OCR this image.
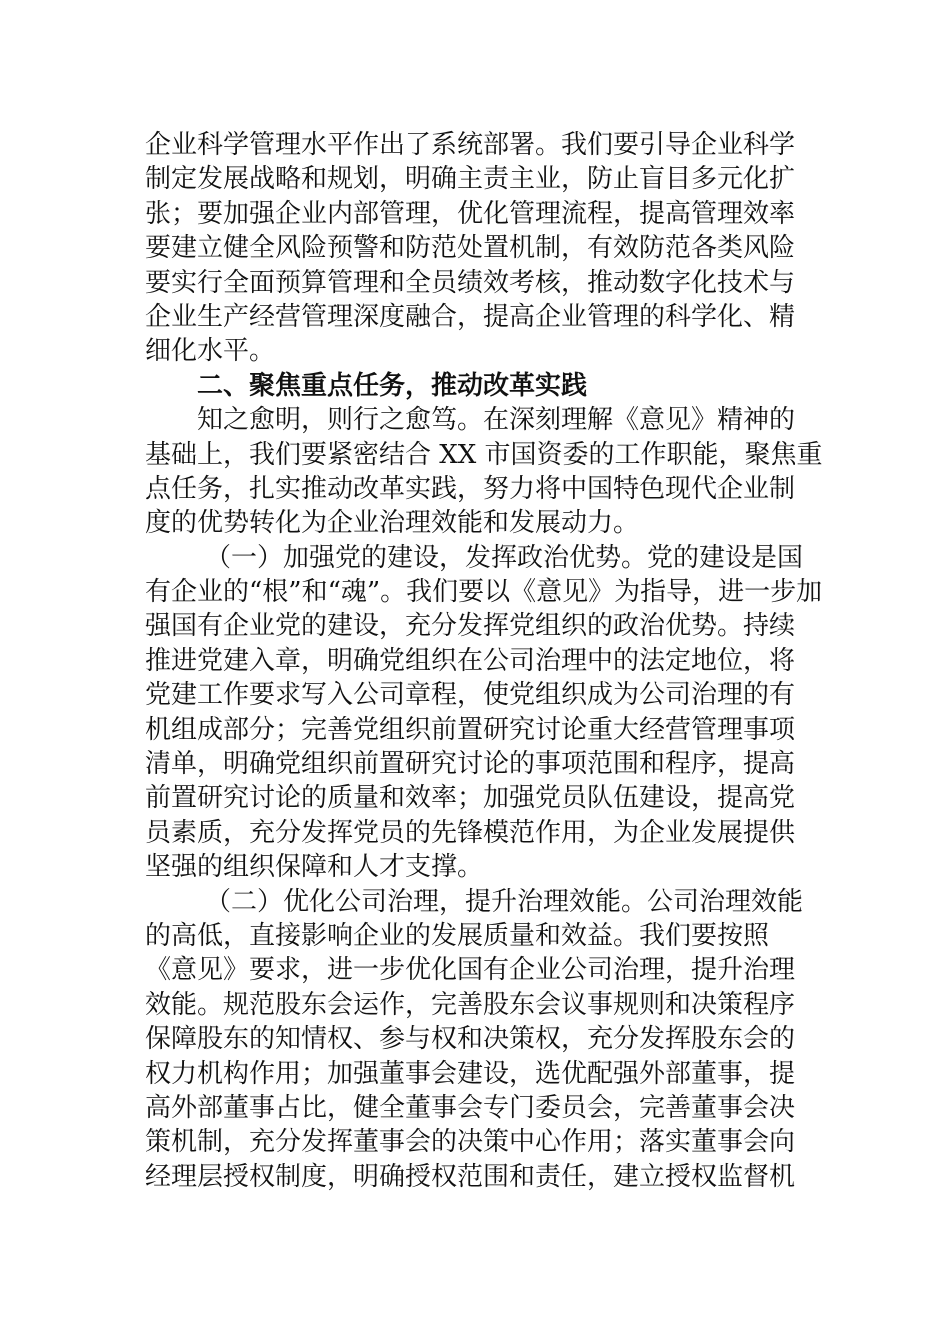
企业科学管理水平作出了系统部署。我们要引导企业科学
制定发展战略和规划，明确主责主业，防止盲目多元化扩
张；要加强企业内部管理，优化管理流程，提高管理效率
要建立健全风险预警和防范处置机制，有效防范各类风险
要实行全面预算管理和全员绩效考核，推动数字化技术与
企业生产经营管理深度融合，提高企业管理的科学化、精
细化水平。
二、聚焦重点任务，推动改革实践
知之愈明，则行之愈笃。在深刻理解《意见》精神的
基础上，我们要紧密结合 XX 市国资委的工作职能，聚焦重
点任务，扎实推动改革实践，努力将中国特色现代企业制
度的优势转化为企业治理效能和发展动力。
（一）加强党的建设，发挥政治优势。党的建设是国
有企业的“根”和“魂”。我们要以《意见》为指导，进一步加
强国有企业党的建设，充分发挥党组织的政治优势。持续
推进党建入章，明确党组织在公司治理中的法定地位，将
党建工作要求写入公司章程，使党组织成为公司治理的有
机组成部分；完善党组织前置研究讨论重大经营管理事项
清单，明确党组织前置研究讨论的事项范围和程序，提高
前置研究讨论的质量和效率；加强党员队伍建设，提高党
员素质，充分发挥党员的先锋模范作用，为企业发展提供
坚强的组织保障和人才支撑。
（二）优化公司治理，提升治理效能。公司治理效能
的高低，直接影响企业的发展质量和效益。我们要按照
《意见》要求，进一步优化国有企业公司治理，提升治理
效能。规范股东会运作，完善股东会议事规则和决策程序
保障股东的知情权、参与权和决策权，充分发挥股东会的
权力机构作用；加强董事会建设，选优配强外部董事，提
高外部董事占比，健全董事会专门委员会，完善董事会决
策机制，充分发挥董事会的决策中心作用；落实董事会向
经理层授权制度，明确授权范围和责任，建立授权监督机
